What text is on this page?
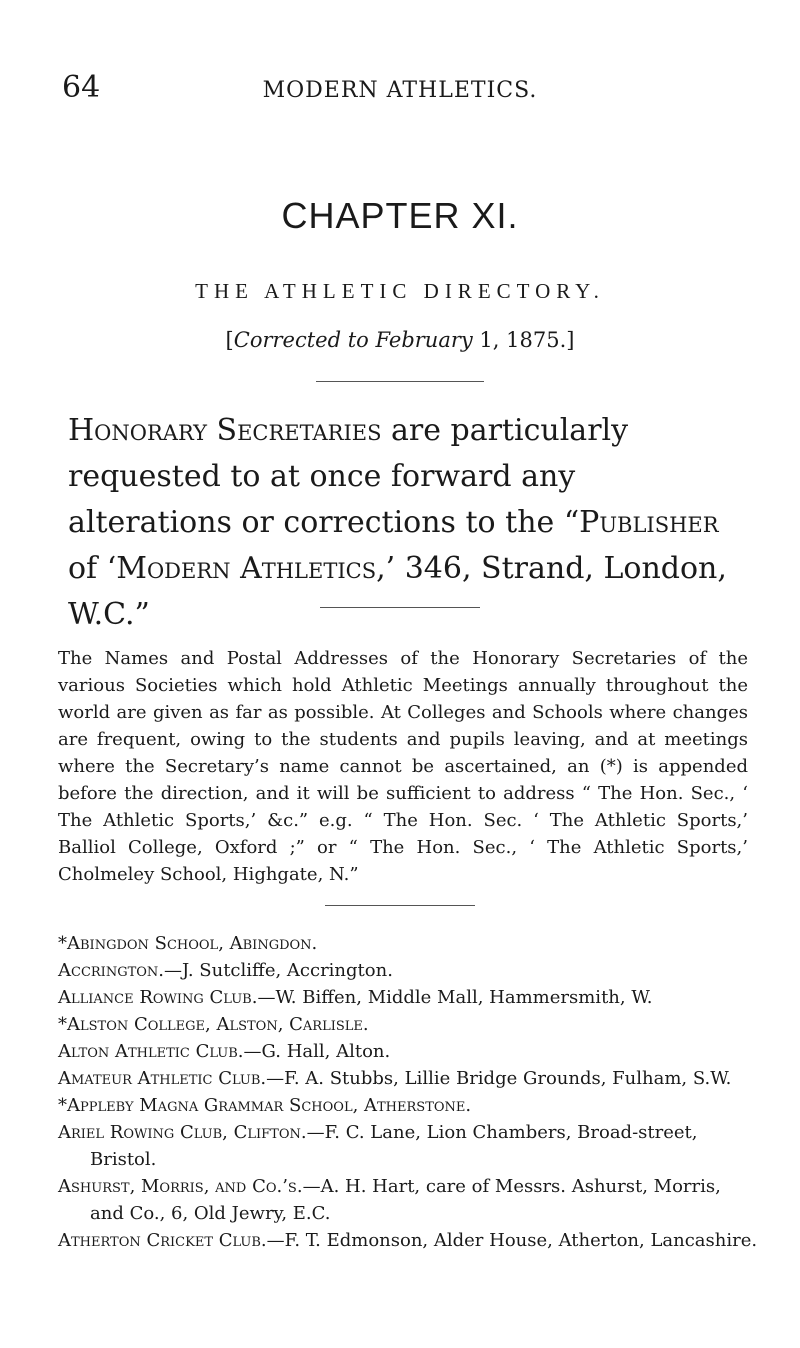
64	MODERN ATHLETICS.
CHAPTER XI.
THE ATHLETIC DIRECTORY.
[Corrected to February 1, 1875.]
Honorary Secretaries are particularly requested to at once forward any alterations or corrections to the “Publisher of ‘Modern Athletics,’ 346, Strand, London, W.C.”

The Names and Postal Addresses of the Honorary Secretaries of the various Societies which hold Athletic Meetings annually throughout the world are given as far as possible. At Colleges and Schools where changes are frequent, owing to the students and pupils leaving, and at meetings where the Secretary’s name cannot be ascertained, an (*) is appended before the direction, and it will be sufficient to address “ The Hon. Sec., ‘ The Athletic Sports,’ &c.” e.g. “ The Hon. Sec. ‘ The Athletic Sports,’ Balliol College, Oxford ;” or “ The Hon. Sec., ‘ The Athletic Sports,’ Cholmeley School, Highgate, N.”

*Abingdon School, Abingdon.
Accrington.—J. Sutcliffe, Accrington.
Alliance Rowing Club.—W. Biffen, Middle Mall, Hammersmith, W.
*Alston College, Alston, Carlisle.
Alton Athletic Club.—G. Hall, Alton.
Amateur Athletic Club.—F. A. Stubbs, Lillie Bridge Grounds, Fulham, S.W.
*Appleby Magna Grammar School, Atherstone.
Ariel Rowing Club, Clifton.—F. C. Lane, Lion Chambers, Broad-street, Bristol.
Ashurst, Morris, and Co.’s.—A. H. Hart, care of Messrs. Ashurst, Morris, and Co., 6, Old Jewry, E.C.
Atherton Cricket Club.—F. T. Edmonson, Alder House, Atherton, Lancashire.
